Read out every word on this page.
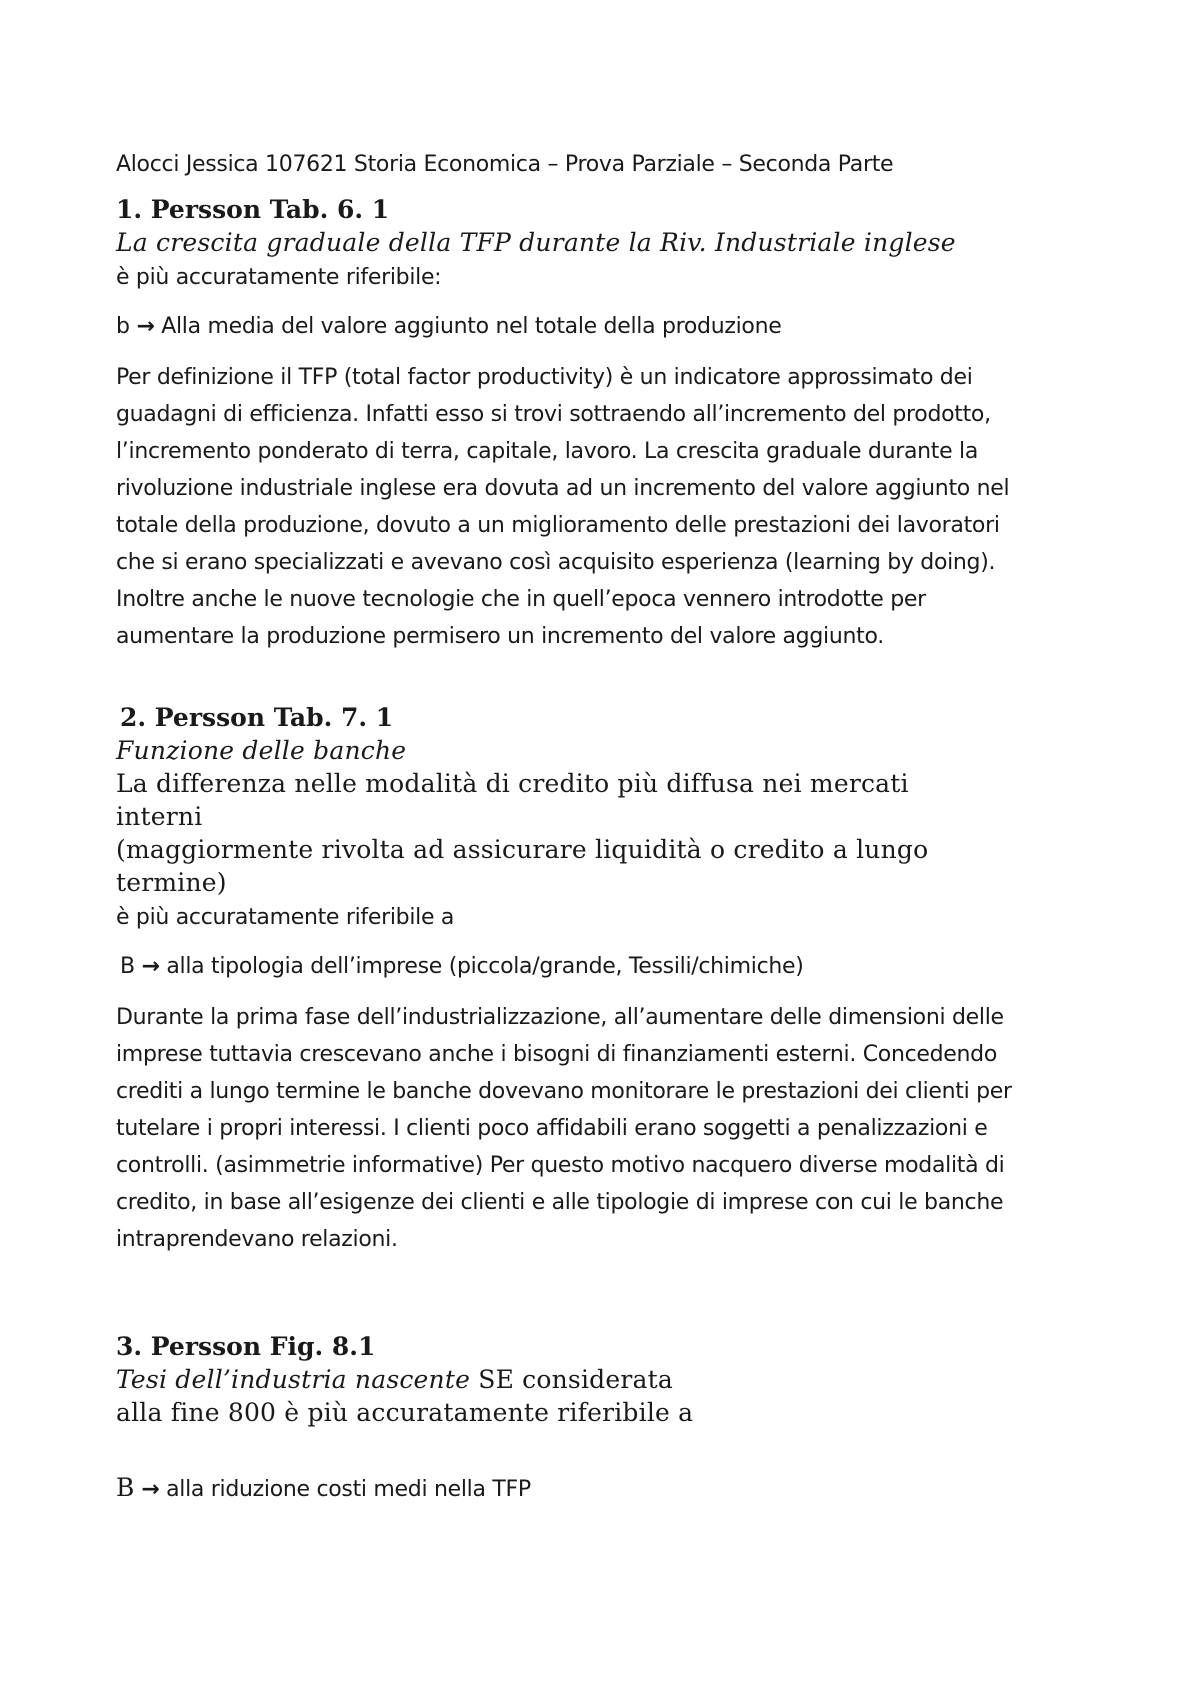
Alocci Jessica 107621 Storia Economica – Prova Parziale – Seconda Parte

1. Persson Tab. 6. 1

La crescita graduale della TFP durante la Riv. Industriale inglese

è più accuratamente riferibile:

b → Alla media del valore aggiunto nel totale della produzione

Per definizione il TFP (total factor productivity) è un indicatore approssimato dei

guadagni di efficienza. Infatti esso si trovi sottraendo all’incremento del prodotto,

l’incremento ponderato di terra, capitale, lavoro. La crescita graduale durante la

rivoluzione industriale inglese era dovuta ad un incremento del valore aggiunto nel

totale della produzione, dovuto a un miglioramento delle prestazioni dei lavoratori

che si erano specializzati e avevano così acquisito esperienza (learning by doing).

Inoltre anche le nuove tecnologie che in quell’epoca vennero introdotte per

aumentare la produzione permisero un incremento del valore aggiunto.

2. Persson Tab. 7. 1

Funzione delle banche

La differenza nelle modalità di credito più diffusa nei mercati

interni

(maggiormente rivolta ad assicurare liquidità o credito a lungo

termine)

è più accuratamente riferibile a

B → alla tipologia dell’imprese (piccola/grande, Tessili/chimiche)

Durante la prima fase dell’industrializzazione, all’aumentare delle dimensioni delle

imprese tuttavia crescevano anche i bisogni di finanziamenti esterni. Concedendo

crediti a lungo termine le banche dovevano monitorare le prestazioni dei clienti per

tutelare i propri interessi. I clienti poco affidabili erano soggetti a penalizzazioni e

controlli. (asimmetrie informative) Per questo motivo nacquero diverse modalità di

credito, in base all’esigenze dei clienti e alle tipologie di imprese con cui le banche

intraprendevano relazioni.

3. Persson Fig. 8.1

Tesi dell’industria nascente SE considerata

alla fine 800 è più accuratamente riferibile a

B → alla riduzione costi medi nella TFP
